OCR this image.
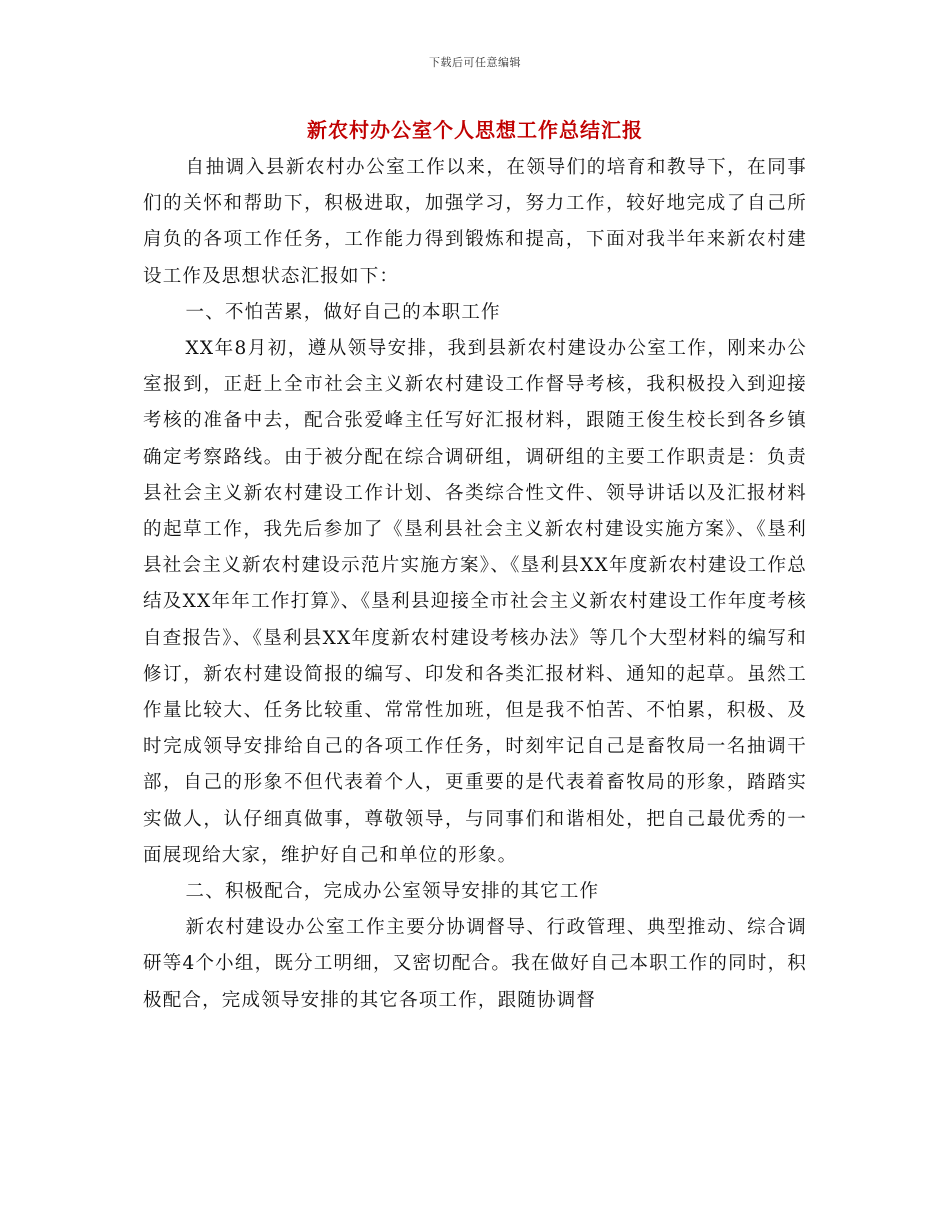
下载后可任意编辑
新农村办公室个人思想工作总结汇报

自抽调入县新农村办公室工作以来，在领导们的培育和教导下，在同事们的关怀和帮助下，积极进取，加强学习，努力工作，较好地完成了自己所肩负的各项工作任务，工作能力得到锻炼和提高，下面对我半年来新农村建设工作及思想状态汇报如下：

一、不怕苦累，做好自己的本职工作

XX年8月初，遵从领导安排，我到县新农村建设办公室工作，刚来办公室报到，正赶上全市社会主义新农村建设工作督导考核，我积极投入到迎接考核的准备中去，配合张爱峰主任写好汇报材料，跟随王俊生校长到各乡镇确定考察路线。由于被分配在综合调研组，调研组的主要工作职责是：负责县社会主义新农村建设工作计划、各类综合性文件、领导讲话以及汇报材料的起草工作，我先后参加了《垦利县社会主义新农村建设实施方案》、《垦利县社会主义新农村建设示范片实施方案》、《垦利县XX年度新农村建设工作总结及XX年年工作打算》、《垦利县迎接全市社会主义新农村建设工作年度考核自查报告》、《垦利县XX年度新农村建设考核办法》等几个大型材料的编写和修订，新农村建设简报的编写、印发和各类汇报材料、通知的起草。虽然工作量比较大、任务比较重、常常性加班，但是我不怕苦、不怕累，积极、及时完成领导安排给自己的各项工作任务，时刻牢记自己是畜牧局一名抽调干部，自己的形象不但代表着个人，更重要的是代表着畜牧局的形象，踏踏实实做人，认仔细真做事，尊敬领导，与同事们和谐相处，把自己最优秀的一面展现给大家，维护好自己和单位的形象。

二、积极配合，完成办公室领导安排的其它工作

新农村建设办公室工作主要分协调督导、行政管理、典型推动、综合调研等4个小组，既分工明细，又密切配合。我在做好自己本职工作的同时，积极配合，完成领导安排的其它各项工作，跟随协调督
